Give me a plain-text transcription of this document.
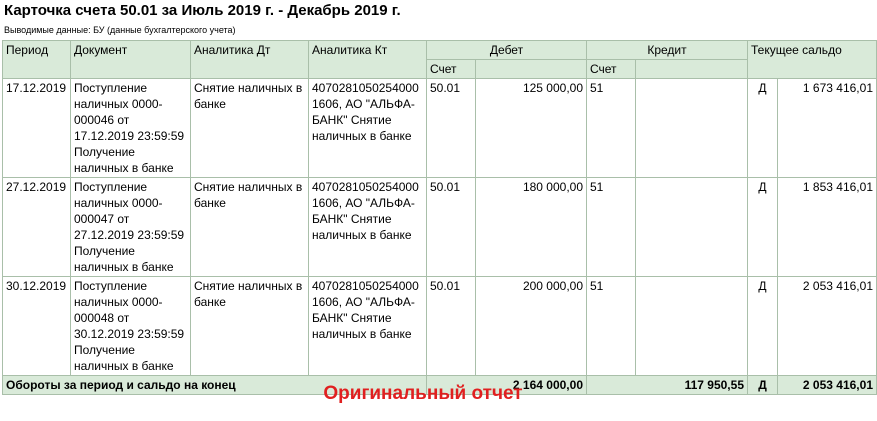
Карточка счета 50.01 за Июль 2019 г. - Декабрь 2019 г.
Выводимые данные: БУ (данные бухгалтерского учета)
Период	Документ	Аналитика Дт	Аналитика Кт	Дебет		Кредит		Текущее сальдо	
				Счет		Счет			
17.12.2019	Поступление наличных 0000-000046 от 17.12.2019 23:59:59 Получение наличных в банке	Снятие наличных в банке	40702810502540001606, АО "АЛЬФА-БАНК" Снятие наличных в банке	50.01	125 000,00	51		Д	1 673 416,01
27.12.2019	Поступление наличных 0000-000047 от 27.12.2019 23:59:59 Получение наличных в банке	Снятие наличных в банке	40702810502540001606, АО "АЛЬФА-БАНК" Снятие наличных в банке	50.01	180 000,00	51		Д	1 853 416,01
30.12.2019	Поступление наличных 0000-000048 от 30.12.2019 23:59:59 Получение наличных в банке	Снятие наличных в банке	40702810502540001606, АО "АЛЬФА-БАНК" Снятие наличных в банке	50.01	200 000,00	51		Д	2 053 416,01
Обороты за период и сальдо на конец				2 164 000,00		117 950,55		Д	2 053 416,01
Оригинальный отчет
